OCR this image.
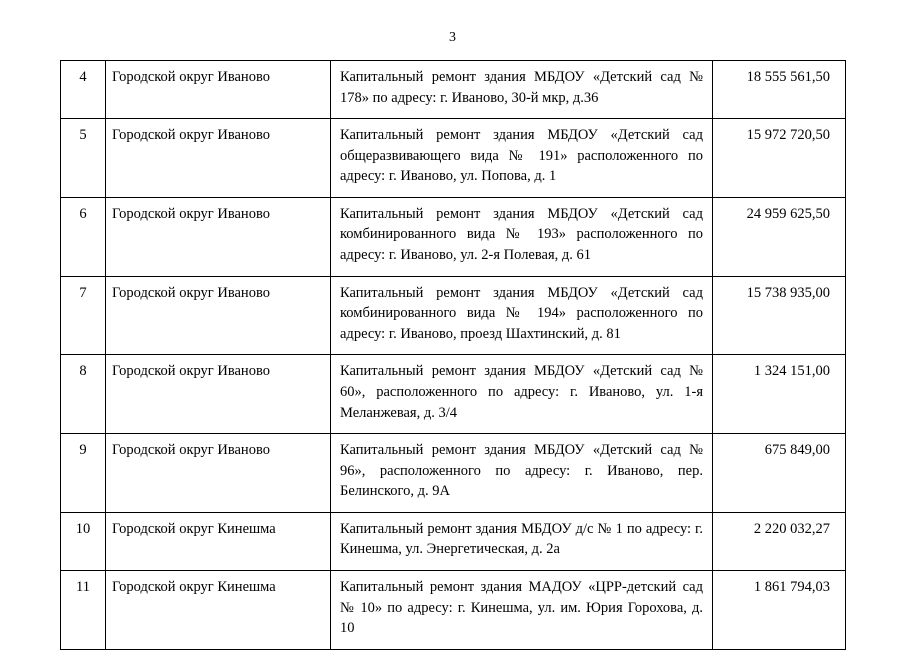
3
4	Городской округ Иваново	Капитальный ремонт здания МБДОУ «Детский сад № 178» по адресу: г. Иваново, 30-й мкр, д.36	18 555 561,50
5	Городской округ Иваново	Капитальный ремонт здания МБДОУ «Детский сад общеразвивающего вида № 191» расположенного по адресу: г. Иваново, ул. Попова, д. 1	15 972 720,50
6	Городской округ Иваново	Капитальный ремонт здания МБДОУ «Детский сад комбинированного вида № 193» расположенного по адресу: г. Иваново, ул. 2-я Полевая, д. 61	24 959 625,50
7	Городской округ Иваново	Капитальный ремонт здания МБДОУ «Детский сад комбинированного вида № 194» расположенного по адресу: г. Иваново, проезд Шахтинский, д. 81	15 738 935,00
8	Городской округ Иваново	Капитальный ремонт здания МБДОУ «Детский сад № 60», расположенного по адресу: г. Иваново, ул. 1-я Меланжевая, д. 3/4	1 324 151,00
9	Городской округ Иваново	Капитальный ремонт здания МБДОУ «Детский сад № 96», расположенного по адресу: г. Иваново, пер. Белинского, д. 9А	675 849,00
10	Городской округ Кинешма	Капитальный ремонт здания МБДОУ д/с № 1 по адресу: г. Кинешма, ул. Энергетическая, д. 2а	2 220 032,27
11	Городской округ Кинешма	Капитальный ремонт здания МАДОУ «ЦРР-детский сад № 10» по адресу: г. Кинешма, ул. им. Юрия Горохова, д. 10	1 861 794,03
